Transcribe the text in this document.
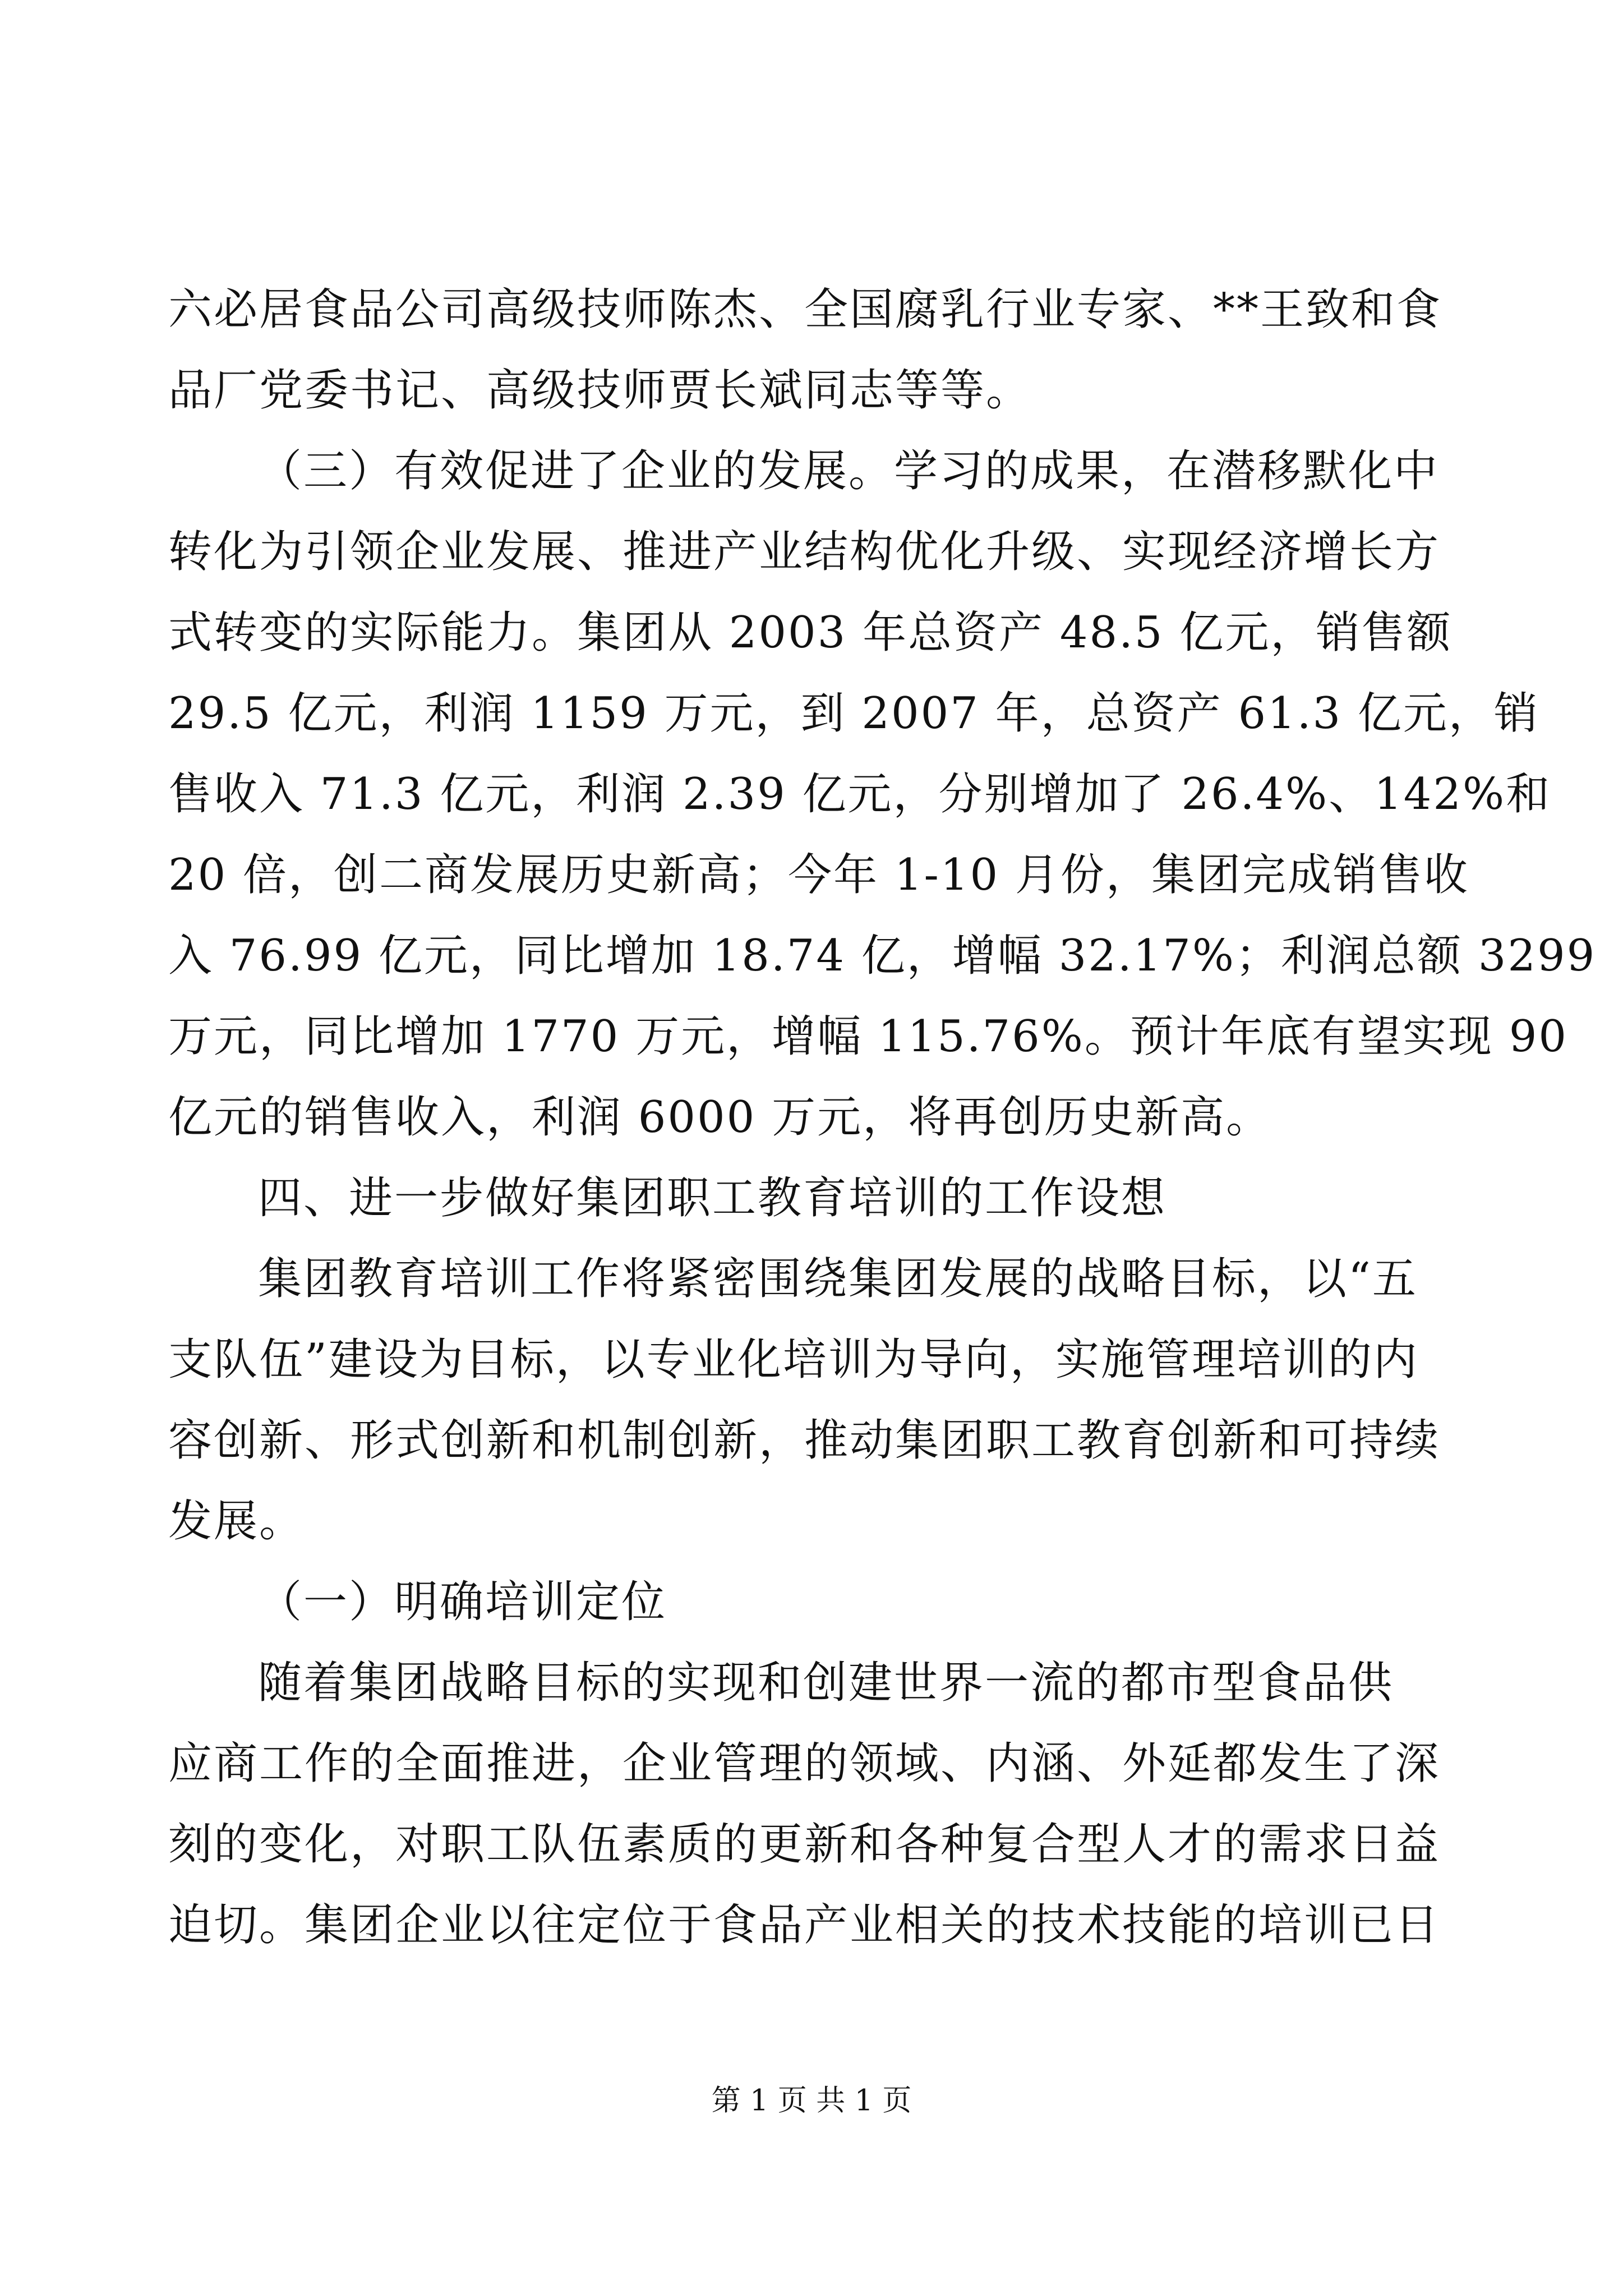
六必居食品公司高级技师陈杰、全国腐乳行业专家、**王致和食
品厂党委书记、高级技师贾长斌同志等等。
（三）有效促进了企业的发展。学习的成果，在潜移默化中
转化为引领企业发展、推进产业结构优化升级、实现经济增长方
式转变的实际能力。集团从 2003 年总资产 48.5 亿元，销售额
29.5 亿元，利润 1159 万元，到 2007 年，总资产 61.3 亿元，销
售收入 71.3 亿元，利润 2.39 亿元，分别增加了 26.4%、142%和
20 倍，创二商发展历史新高；今年 1-10 月份，集团完成销售收
入 76.99 亿元，同比增加 18.74 亿，增幅 32.17%；利润总额 3299
万元，同比增加 1770 万元，增幅 115.76%。预计年底有望实现 90
亿元的销售收入，利润 6000 万元，将再创历史新高。
四、进一步做好集团职工教育培训的工作设想
集团教育培训工作将紧密围绕集团发展的战略目标，以“五
支队伍”建设为目标，以专业化培训为导向，实施管理培训的内
容创新、形式创新和机制创新，推动集团职工教育创新和可持续
发展。
（一）明确培训定位
随着集团战略目标的实现和创建世界一流的都市型食品供
应商工作的全面推进，企业管理的领域、内涵、外延都发生了深
刻的变化，对职工队伍素质的更新和各种复合型人才的需求日益
迫切。集团企业以往定位于食品产业相关的技术技能的培训已日
第 1 页 共 1 页
